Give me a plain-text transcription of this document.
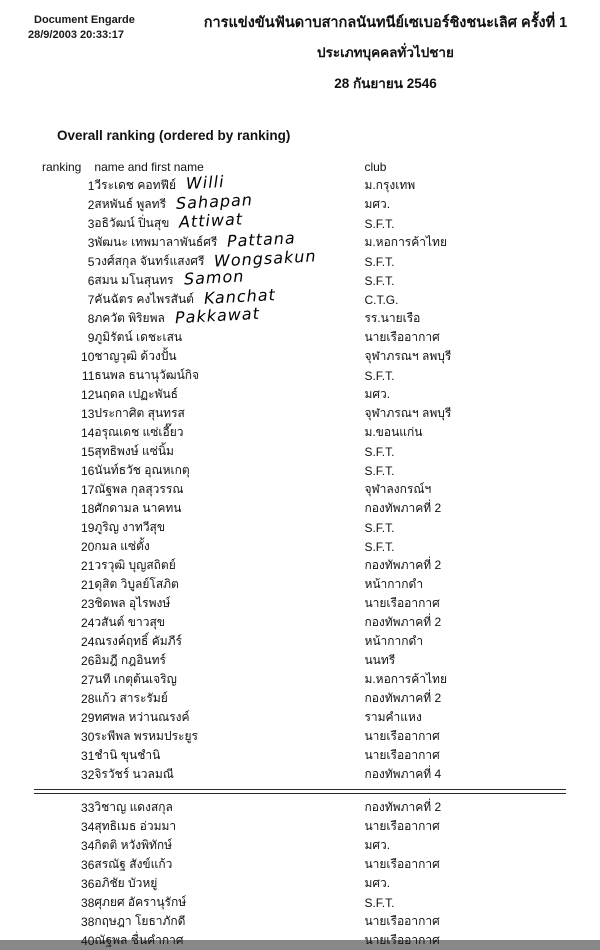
Document Engarde
28/9/2003 20:33:17
การแข่งขันฟันดาบสากลนันทนีย์เซเบอร์ชิงชนะเลิศ ครั้งที่ 1
ประเภทบุคคลทั่วไปชาย
28 กันยายน 2546
Overall ranking (ordered by ranking)
ranking	name and first name	club
1	วีระเดช คอทฟีย์ Willi	ม.กรุงเทพ
2	สหพันธ์ พูลทรี Sahapan	มศว.
3	อธิวัฒน์ ปิ่นสุข Attiwat	S.F.T.
3	พัฒนะ เทพมาลาพันธ์ศรี Pattana	ม.หอการค้าไทย
5	วงศ์สกุล จันทร์แสงศรี Wongsakun	S.F.T.
6	สมน มโนสุนทร Samon	S.F.T.
7	คันฉัตร คงไพรสันต์ Kanchat	C.T.G.
8	ภควัต พิริยพล Pakkawat	รร.นายเรือ
9	ภูมิรัตน์ เดชะเสน	นายเรืออากาศ
10	ชาญวุฒิ ด้วงปั้น	จุฬาภรณฯ ลพบุรี
11	ธนพล ธนานุวัฒน์กิจ	S.F.T.
12	นฤดล เปฏะพันธ์	มศว.
13	ประกาศิต สุนทรส	จุฬาภรณฯ ลพบุรี
14	อรุณเดช แซ่เอี๊ยว	ม.ขอนแก่น
15	สุทธิพงษ์ แซ่นิ้ม	S.F.T.
16	นันท์ธวัช อุณหเกตุ	S.F.T.
17	ณัฐพล กุลสุวรรณ	จุฬาลงกรณ์ฯ
18	ศักดามล นาคทน	กองทัพภาคที่ 2
19	ภูริญ งาทวีสุข	S.F.T.
20	กมล แซ่ตั้ง	S.F.T.
21	วรวุฒิ บุญสถิตย์	กองทัพภาคที่ 2
21	ดุสิต วิบูลย์โสภิต	หน้ากากดำ
23	ชิดพล อุไรพงษ์	นายเรืออากาศ
24	วสันต์ ขาวสุข	กองทัพภาคที่ 2
24	ณรงค์ฤทธิ์ คัมภีร์	หน้ากากดำ
26	อิมฎี กฎอินทร์	นนทรี
27	นที เกตุต้นเจริญ	ม.หอการค้าไทย
28	แก้ว สาระรัมย์	กองทัพภาคที่ 2
29	ทศพล หว่านณรงค์	รามคำแหง
30	ระพีพล พรหมประยูร	นายเรืออากาศ
31	ชำนิ ขุนชำนิ	นายเรืออากาศ
32	จิรวัชร์ นวลมณี	กองทัพภาคที่ 4

33	วิชาญ แดงสกุล	กองทัพภาคที่ 2
34	สุทธิเมธ อ่วมมา	นายเรืออากาศ
34	กิตติ หวังพิทักษ์	มศว.
36	สรณัฐ สังข์แก้ว	นายเรืออากาศ
36	อภิชัย บัวหยู่	มศว.
38	ศุภยศ อัครานุรักษ์	S.F.T.
38	กฤษฎา โยธาภักดี	นายเรืออากาศ
40	ณัฐพล ชื่นคำกาศ	นายเรืออากาศ
